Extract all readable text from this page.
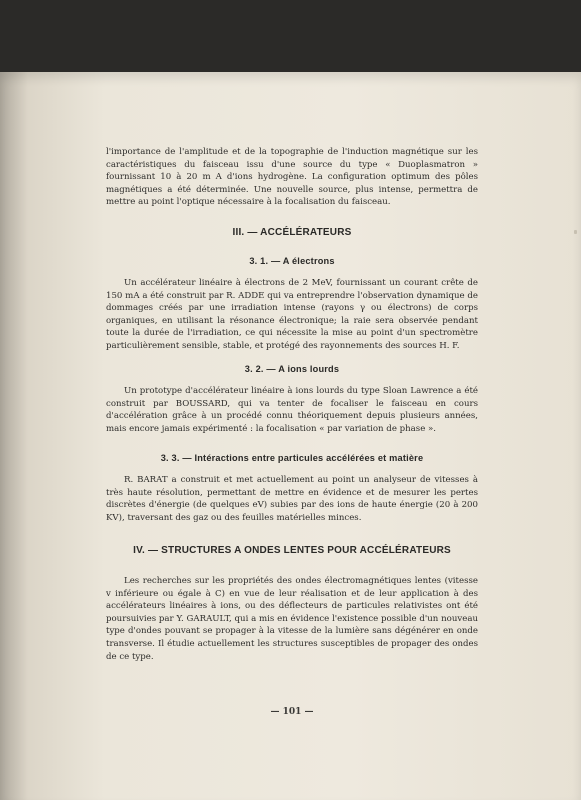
l'importance de l'amplitude et de la topographie de l'induction magnétique sur les caractéristiques du faisceau issu d'une source du type « Duoplasmatron » fournissant 10 à 20 m A d'ions hydrogène. La configuration optimum des pôles magnétiques a été déterminée. Une nouvelle source, plus intense, permettra de mettre au point l'optique nécessaire à la focalisation du faisceau.

III. — ACCÉLÉRATEURS
3. 1. — A électrons

Un accélérateur linéaire à électrons de 2 MeV, fournissant un courant crête de 150 mA a été construit par R. ADDE qui va entreprendre l'observation dynamique de dommages créés par une irradiation intense (rayons γ ou électrons) de corps organiques, en utilisant la résonance électronique; la raie sera observée pendant toute la durée de l'irradiation, ce qui nécessite la mise au point d'un spectromètre particulièrement sensible, stable, et protégé des rayonnements des sources H. F.

3. 2. — A ions lourds

Un prototype d'accélérateur linéaire à ions lourds du type Sloan Lawrence a été construit par BOUSSARD, qui va tenter de focaliser le faisceau en cours d'accélération grâce à un procédé connu théoriquement depuis plusieurs années, mais encore jamais expérimenté : la focalisation « par variation de phase ».

3. 3. — Intéractions entre particules accélérées et matière

R. BARAT a construit et met actuellement au point un analyseur de vitesses à très haute résolution, permettant de mettre en évidence et de mesurer les pertes discrètes d'énergie (de quelques eV) subies par des ions de haute énergie (20 à 200 KV), traversant des gaz ou des feuilles matérielles minces.

IV. — STRUCTURES A ONDES LENTES POUR ACCÉLÉRATEURS

Les recherches sur les propriétés des ondes électromagnétiques lentes (vitesse v inférieure ou égale à C) en vue de leur réalisation et de leur application à des accélérateurs linéaires à ions, ou des déflecteurs de particules relativistes ont été poursuivies par Y. GARAULT, qui a mis en évidence l'existence possible d'un nouveau type d'ondes pouvant se propager à la vitesse de la lumière sans dégénérer en onde transverse. Il étudie actuellement les structures susceptibles de propager des ondes de ce type.

— 101 —
